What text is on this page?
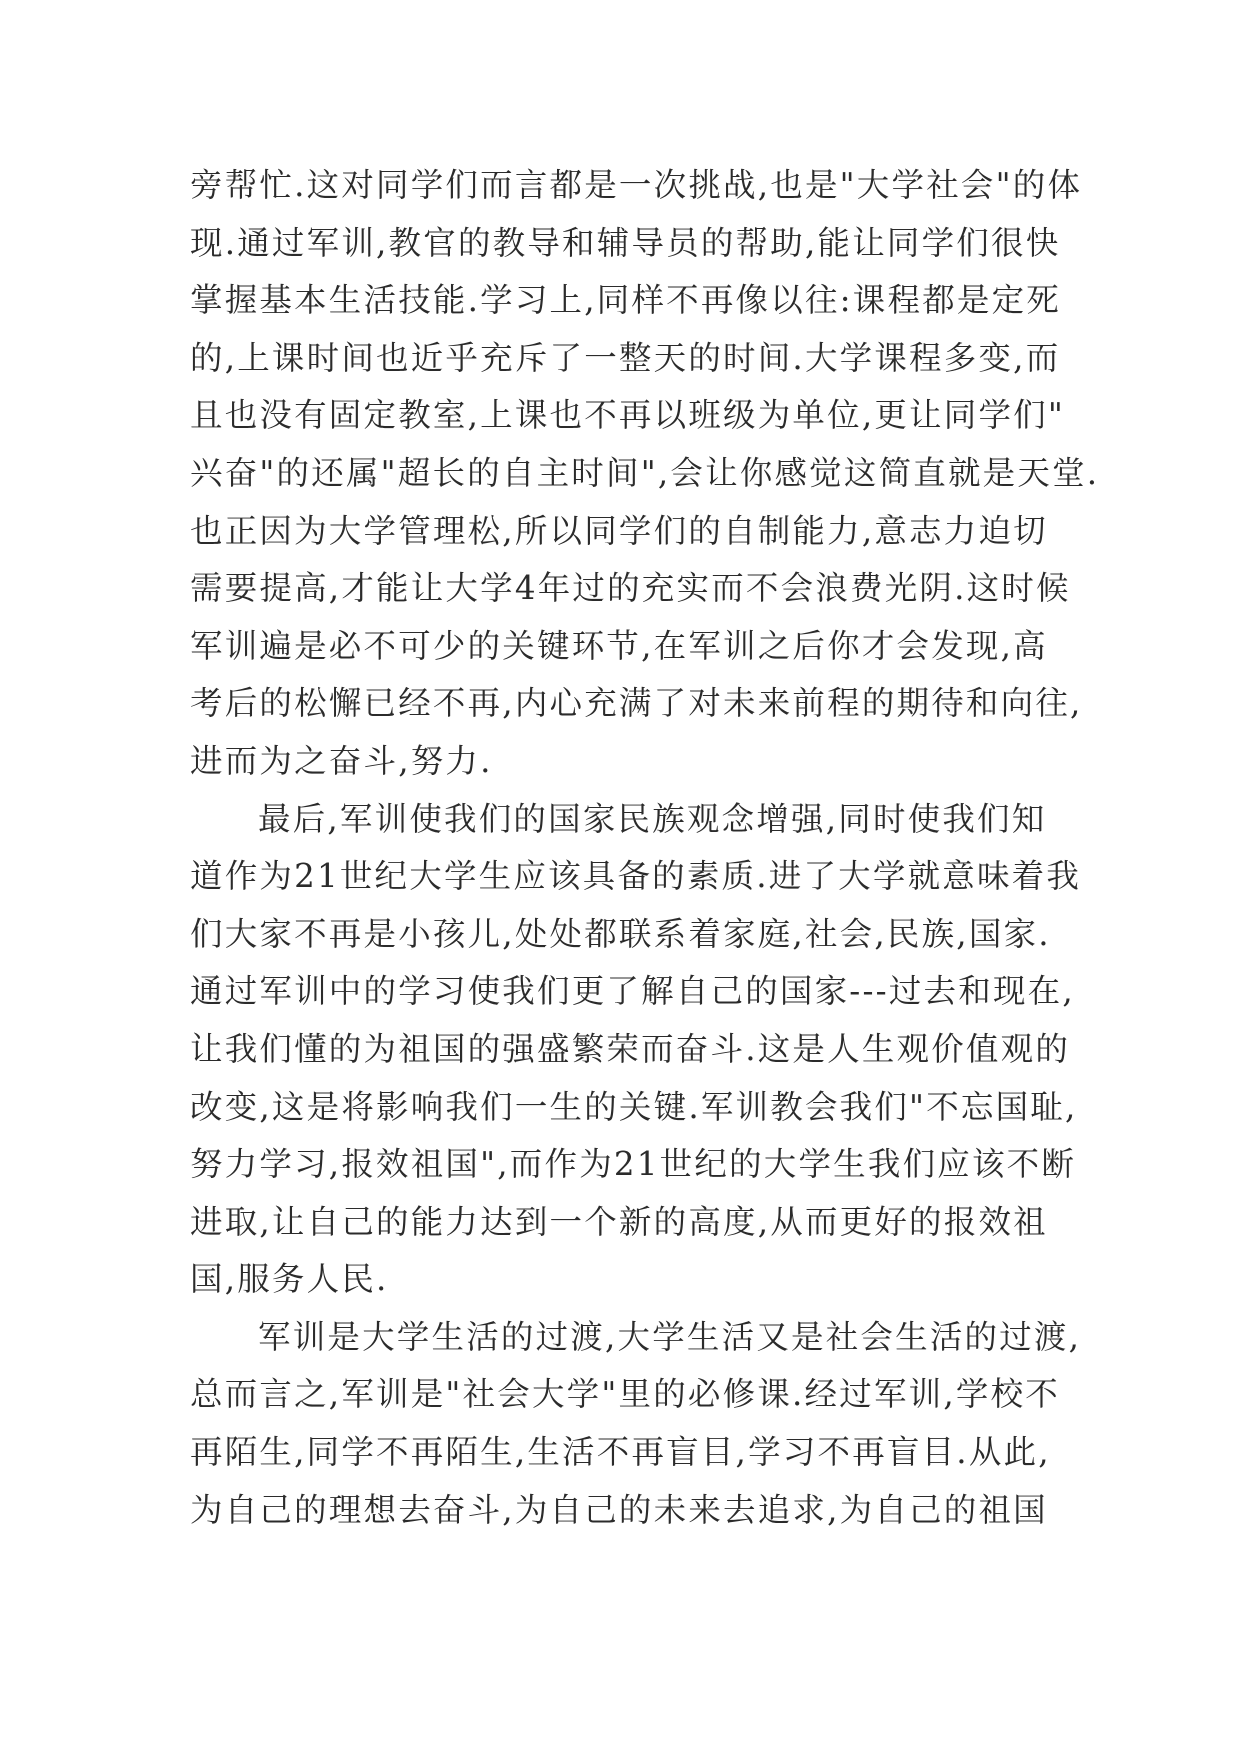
旁帮忙.这对同学们而言都是一次挑战,也是"大学社会"的体
现.通过军训,教官的教导和辅导员的帮助,能让同学们很快
掌握基本生活技能.学习上,同样不再像以往:课程都是定死
的,上课时间也近乎充斥了一整天的时间.大学课程多变,而
且也没有固定教室,上课也不再以班级为单位,更让同学们"
兴奋"的还属"超长的自主时间",会让你感觉这简直就是天堂.
也正因为大学管理松,所以同学们的自制能力,意志力迫切
需要提高,才能让大学4年过的充实而不会浪费光阴.这时候
军训遍是必不可少的关键环节,在军训之后你才会发现,高
考后的松懈已经不再,内心充满了对未来前程的期待和向往,
进而为之奋斗,努力.

最后,军训使我们的国家民族观念增强,同时使我们知
道作为21世纪大学生应该具备的素质.进了大学就意味着我
们大家不再是小孩儿,处处都联系着家庭,社会,民族,国家.
通过军训中的学习使我们更了解自己的国家---过去和现在,
让我们懂的为祖国的强盛繁荣而奋斗.这是人生观价值观的
改变,这是将影响我们一生的关键.军训教会我们"不忘国耻,
努力学习,报效祖国",而作为21世纪的大学生我们应该不断
进取,让自己的能力达到一个新的高度,从而更好的报效祖
国,服务人民.

军训是大学生活的过渡,大学生活又是社会生活的过渡,
总而言之,军训是"社会大学"里的必修课.经过军训,学校不
再陌生,同学不再陌生,生活不再盲目,学习不再盲目.从此,
为自己的理想去奋斗,为自己的未来去追求,为自己的祖国
